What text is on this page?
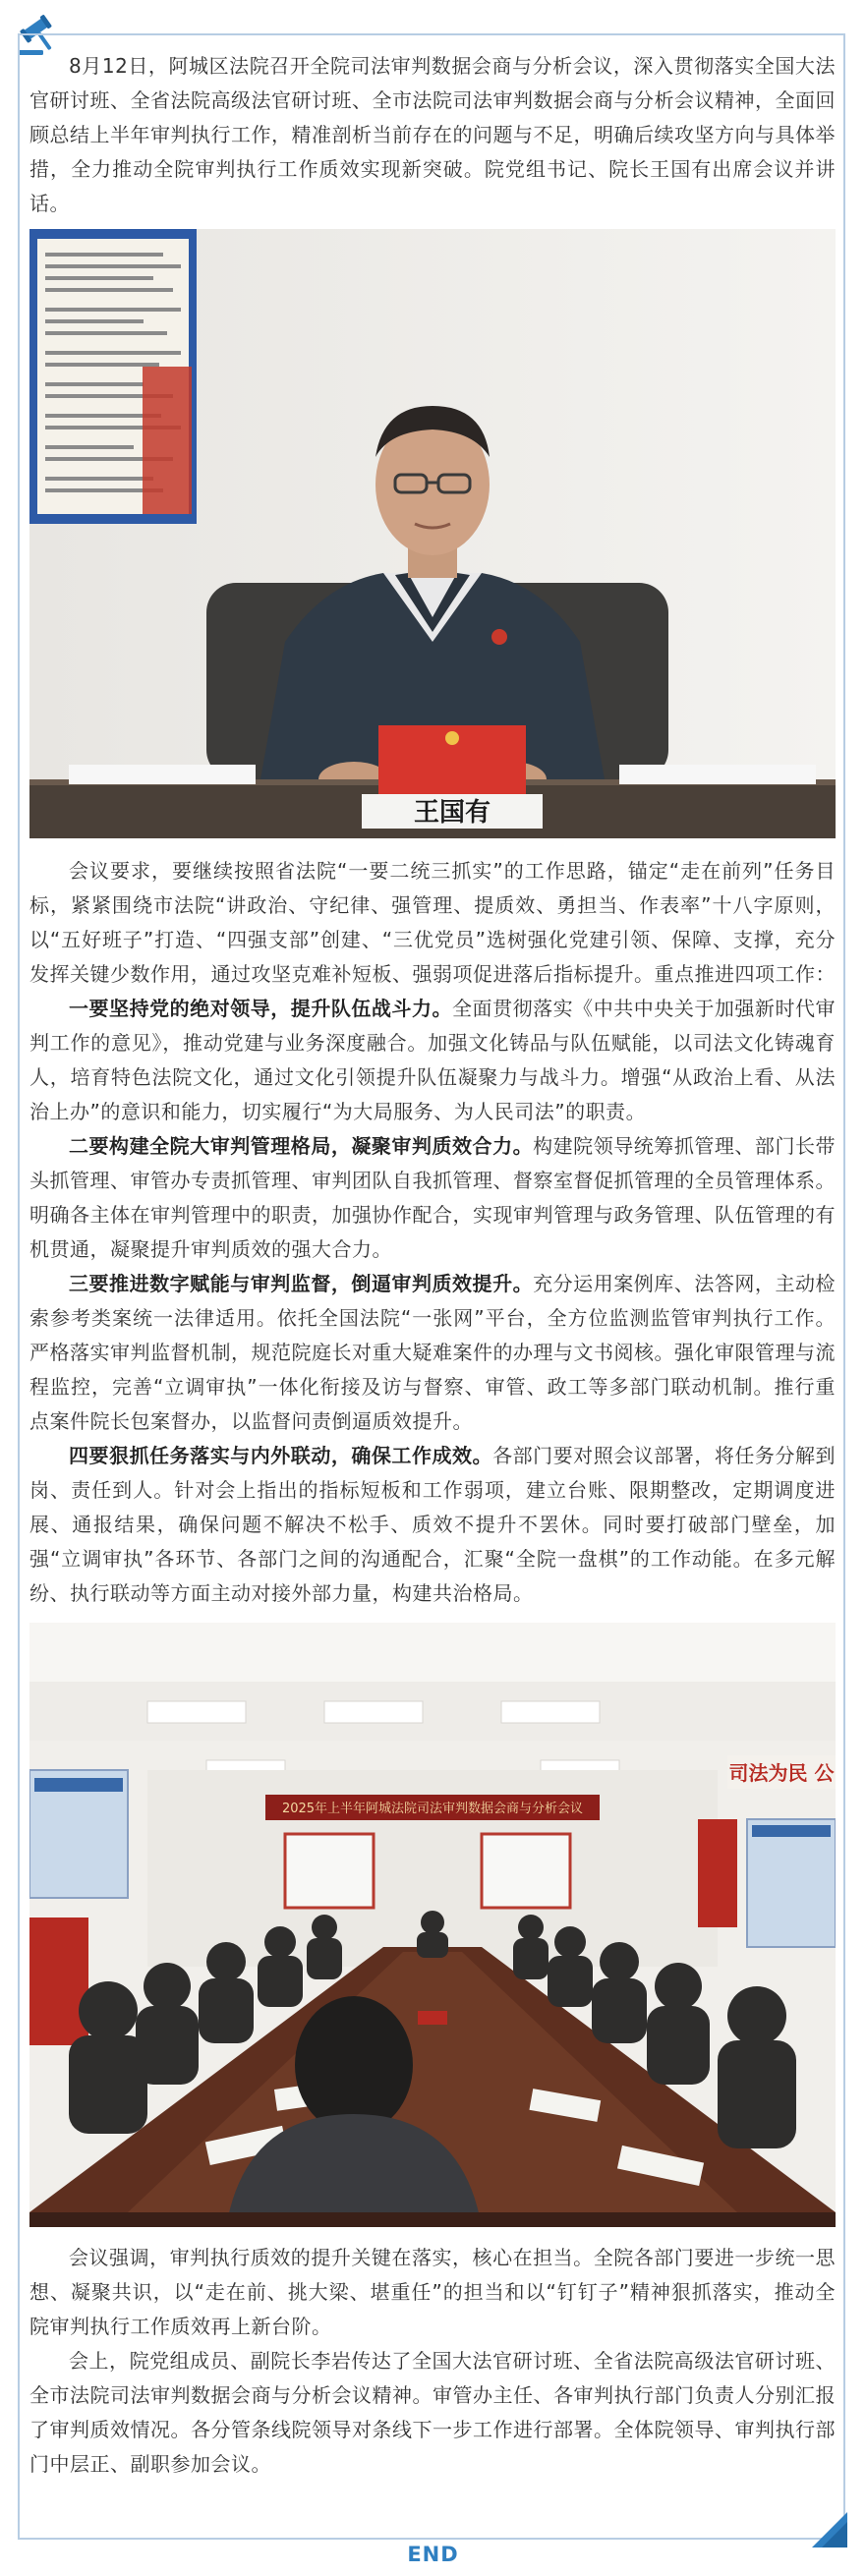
8月12日，阿城区法院召开全院司法审判数据会商与分析会议，深入贯彻落实全国大法官研讨班、全省法院高级法官研讨班、全市法院司法审判数据会商与分析会议精神，全面回顾总结上半年审判执行工作，精准剖析当前存在的问题与不足，明确后续攻坚方向与具体举措，全力推动全院审判执行工作质效实现新突破。院党组书记、院长王国有出席会议并讲话。

王国有

会议要求，要继续按照省法院“一要二统三抓实”的工作思路，锚定“走在前列”任务目标，紧紧围绕市法院“讲政治、守纪律、强管理、提质效、勇担当、作表率”十八字原则，以“五好班子”打造、“四强支部”创建、“三优党员”选树强化党建引领、保障、支撑，充分发挥关键少数作用，通过攻坚克难补短板、强弱项促进落后指标提升。重点推进四项工作：

一要坚持党的绝对领导，提升队伍战斗力。全面贯彻落实《中共中央关于加强新时代审判工作的意见》，推动党建与业务深度融合。加强文化铸品与队伍赋能，以司法文化铸魂育人，培育特色法院文化，通过文化引领提升队伍凝聚力与战斗力。增强“从政治上看、从法治上办”的意识和能力，切实履行“为大局服务、为人民司法”的职责。

二要构建全院大审判管理格局，凝聚审判质效合力。构建院领导统筹抓管理、部门长带头抓管理、审管办专责抓管理、审判团队自我抓管理、督察室督促抓管理的全员管理体系。明确各主体在审判管理中的职责，加强协作配合，实现审判管理与政务管理、队伍管理的有机贯通，凝聚提升审判质效的强大合力。

三要推进数字赋能与审判监督，倒逼审判质效提升。充分运用案例库、法答网，主动检索参考类案统一法律适用。依托全国法院“一张网”平台，全方位监测监管审判执行工作。严格落实审判监督机制，规范院庭长对重大疑难案件的办理与文书阅核。强化审限管理与流程监控，完善“立调审执”一体化衔接及访与督察、审管、政工等多部门联动机制。推行重点案件院长包案督办，以监督问责倒逼质效提升。

四要狠抓任务落实与内外联动，确保工作成效。各部门要对照会议部署，将任务分解到岗、责任到人。针对会上指出的指标短板和工作弱项，建立台账、限期整改，定期调度进展、通报结果，确保问题不解决不松手、质效不提升不罢休。同时要打破部门壁垒，加强“立调审执”各环节、各部门之间的沟通配合，汇聚“全院一盘棋”的工作动能。在多元解纷、执行联动等方面主动对接外部力量，构建共治格局。

2025年上半年阿城法院司法审判数据会商与分析会议
司法为民 公

会议强调，审判执行质效的提升关键在落实，核心在担当。全院各部门要进一步统一思想、凝聚共识，以“走在前、挑大梁、堪重任”的担当和以“钉钉子”精神狠抓落实，推动全院审判执行工作质效再上新台阶。

会上，院党组成员、副院长李岩传达了全国大法官研讨班、全省法院高级法官研讨班、全市法院司法审判数据会商与分析会议精神。审管办主任、各审判执行部门负责人分别汇报了审判质效情况。各分管条线院领导对条线下一步工作进行部署。全体院领导、审判执行部门中层正、副职参加会议。

END
